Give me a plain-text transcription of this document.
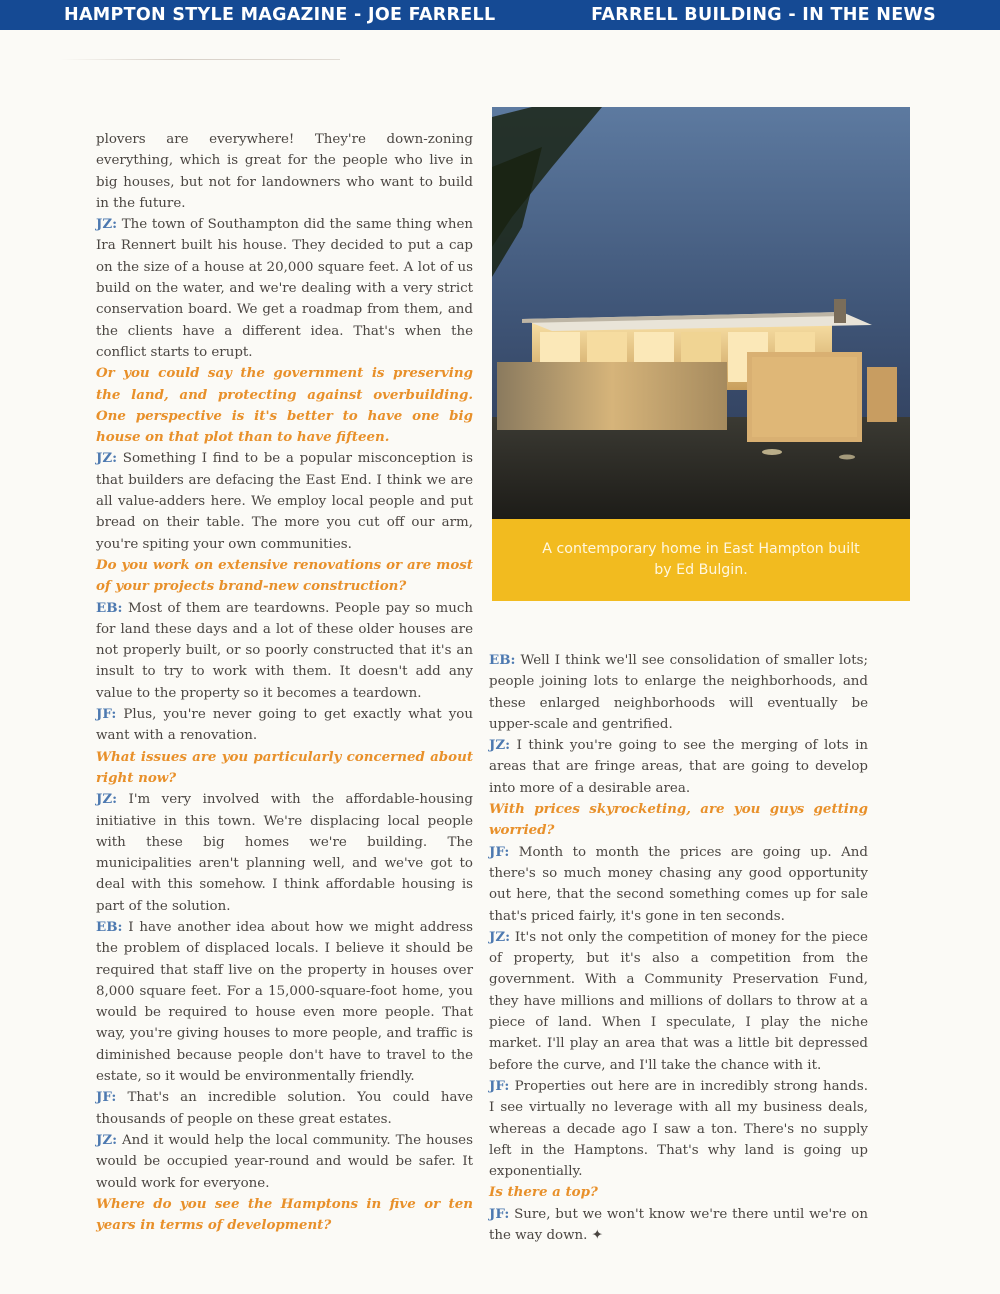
HAMPTON STYLE MAGAZINE - JOE FARRELL	FARRELL BUILDING - IN THE NEWS

plovers are everywhere! They're down-zoning everything, which is great for the people who live in big houses, but not for landowners who want to build in the future.

JZ: The town of Southampton did the same thing when Ira Rennert built his house. They decided to put a cap on the size of a house at 20,000 square feet. A lot of us build on the water, and we're dealing with a very strict conservation board. We get a roadmap from them, and the clients have a different idea. That's when the conflict starts to erupt.

Or you could say the government is preserving the land, and protecting against overbuilding. One perspective is it's better to have one big house on that plot than to have fifteen.

JZ: Something I find to be a popular misconception is that builders are defacing the East End. I think we are all value-adders here. We employ local people and put bread on their table. The more you cut off our arm, you're spiting your own communities.

Do you work on extensive renovations or are most of your projects brand-new construction?

EB: Most of them are teardowns. People pay so much for land these days and a lot of these older houses are not properly built, or so poorly constructed that it's an insult to try to work with them. It doesn't add any value to the property so it becomes a teardown.

JF: Plus, you're never going to get exactly what you want with a renovation.

What issues are you particularly concerned about right now?

JZ: I'm very involved with the affordable-housing initiative in this town. We're displacing local people with these big homes we're building. The municipalities aren't planning well, and we've got to deal with this somehow. I think affordable housing is part of the solution.

EB: I have another idea about how we might address the problem of displaced locals. I believe it should be required that staff live on the property in houses over 8,000 square feet. For a 15,000-square-foot home, you would be required to house even more people. That way, you're giving houses to more people, and traffic is diminished because people don't have to travel to the estate, so it would be environmentally friendly.

JF: That's an incredible solution. You could have thousands of people on these great estates.

JZ: And it would help the local community. The houses would be occupied year-round and would be safer. It would work for everyone.

Where do you see the Hamptons in five or ten years in terms of development?

A contemporary home in East Hampton built by Ed Bulgin.

EB: Well I think we'll see consolidation of smaller lots; people joining lots to enlarge the neighborhoods, and these enlarged neighborhoods will eventually be upper-scale and gentrified.

JZ: I think you're going to see the merging of lots in areas that are fringe areas, that are going to develop into more of a desirable area.

With prices skyrocketing, are you guys getting worried?

JF: Month to month the prices are going up. And there's so much money chasing any good opportunity out here, that the second something comes up for sale that's priced fairly, it's gone in ten seconds.

JZ: It's not only the competition of money for the piece of property, but it's also a competition from the government. With a Community Preservation Fund, they have millions and millions of dollars to throw at a piece of land. When I speculate, I play the niche market. I'll play an area that was a little bit depressed before the curve, and I'll take the chance with it.

JF: Properties out here are in incredibly strong hands. I see virtually no leverage with all my business deals, whereas a decade ago I saw a ton. There's no supply left in the Hamptons. That's why land is going up exponentially.

Is there a top?

JF: Sure, but we won't know we're there until we're on the way down. ✦
